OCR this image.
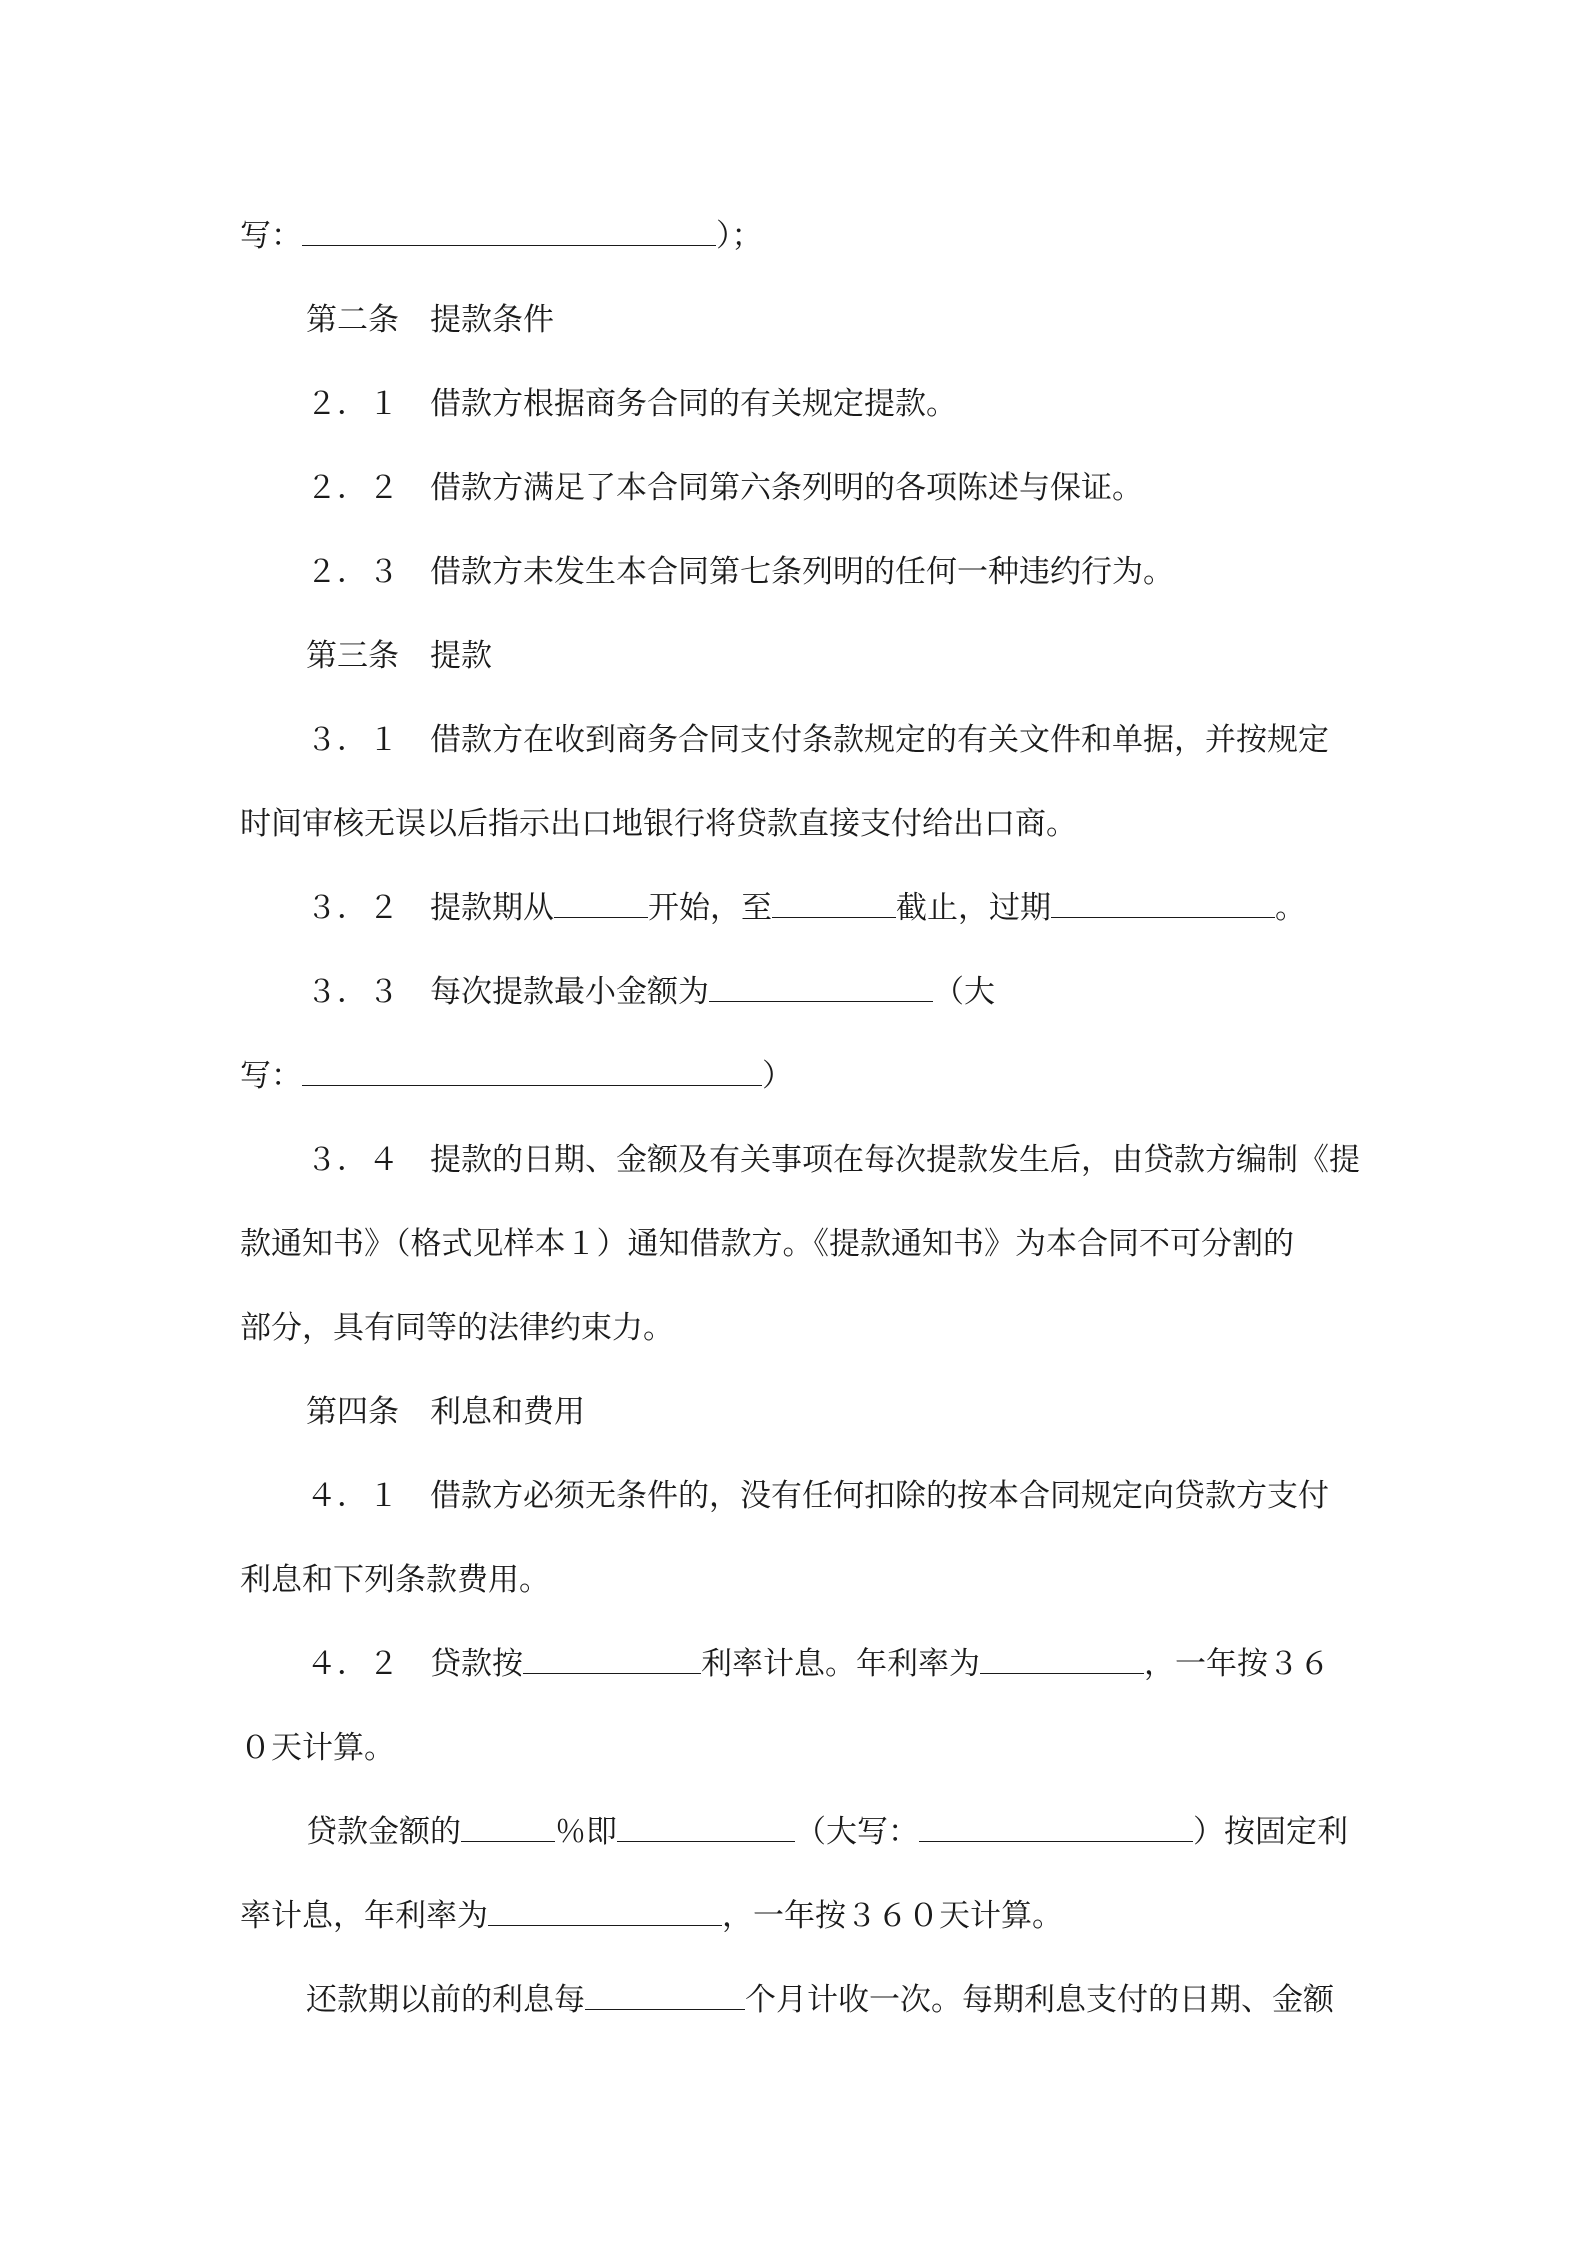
写：	）；
第二条　提款条件
２．１　借款方根据商务合同的有关规定提款。
２．２　借款方满足了本合同第六条列明的各项陈述与保证。
２．３　借款方未发生本合同第七条列明的任何一种违约行为。
第三条　提款
３．１　借款方在收到商务合同支付条款规定的有关文件和单据，并按规定
时间审核无误以后指示出口地银行将贷款直接支付给出口商。
３．２　提款期从	开始，至	截止，过期	。
３．３　每次提款最小金额为	（大
写：	）
３．４　提款的日期、金额及有关事项在每次提款发生后，由贷款方编制《提
款通知书》（格式见样本１）通知借款方。《提款通知书》为本合同不可分割的
部分，具有同等的法律约束力。
第四条　利息和费用
４．１　借款方必须无条件的，没有任何扣除的按本合同规定向贷款方支付
利息和下列条款费用。
４．２　贷款按	利率计息。年利率为	，一年按３６
０天计算。
贷款金额的	％即	（大写：	）按固定利
率计息，年利率为	，一年按３６０天计算。
还款期以前的利息每	个月计收一次。每期利息支付的日期、金额
